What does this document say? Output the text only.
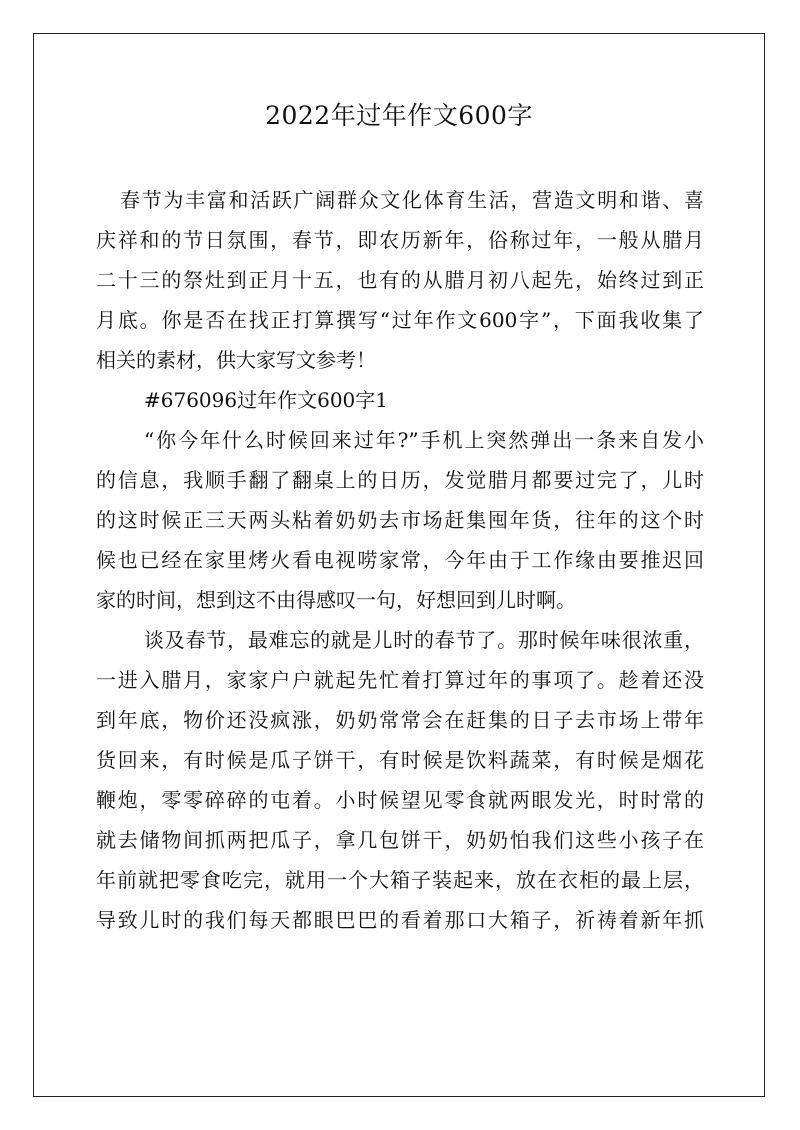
2022年过年作文600字
春节为丰富和活跃广阔群众文化体育生活，营造文明和谐、喜
庆祥和的节日氛围，春节，即农历新年，俗称过年，一般从腊月
二十三的祭灶到正月十五，也有的从腊月初八起先，始终过到正
月底。你是否在找正打算撰写“过年作文600字”，下面我收集了
相关的素材，供大家写文参考！
#676096过年作文600字1
“你今年什么时候回来过年?”手机上突然弹出一条来自发小
的信息，我顺手翻了翻桌上的日历，发觉腊月都要过完了，儿时
的这时候正三天两头粘着奶奶去市场赶集囤年货，往年的这个时
候也已经在家里烤火看电视唠家常，今年由于工作缘由要推迟回
家的时间，想到这不由得感叹一句，好想回到儿时啊。
谈及春节，最难忘的就是儿时的春节了。那时候年味很浓重，
一进入腊月，家家户户就起先忙着打算过年的事项了。趁着还没
到年底，物价还没疯涨，奶奶常常会在赶集的日子去市场上带年
货回来，有时候是瓜子饼干，有时候是饮料蔬菜，有时候是烟花
鞭炮，零零碎碎的屯着。小时候望见零食就两眼发光，时时常的
就去储物间抓两把瓜子，拿几包饼干，奶奶怕我们这些小孩子在
年前就把零食吃完，就用一个大箱子装起来，放在衣柜的最上层，
导致儿时的我们每天都眼巴巴的看着那口大箱子，祈祷着新年抓
